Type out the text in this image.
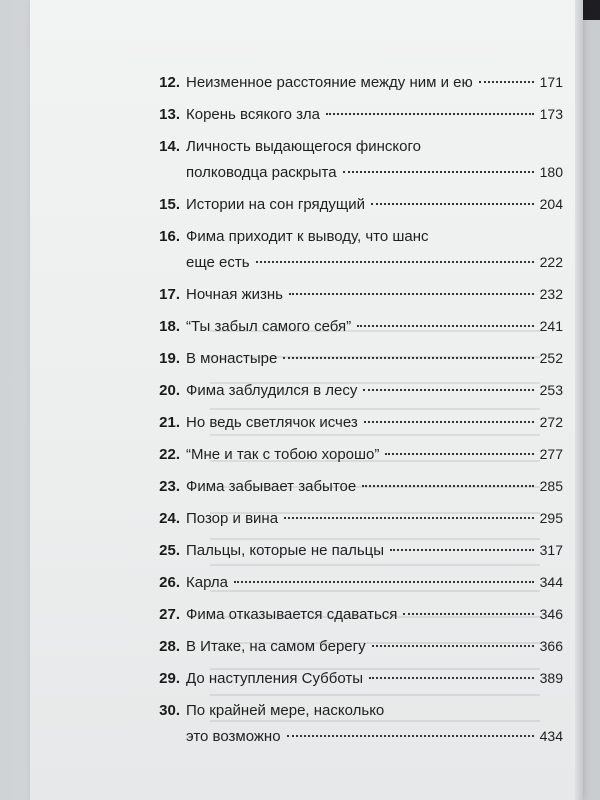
12. Неизменное расстояние между ним и ею	171
13. Корень всякого зла	173
14. Личность выдающегося финского
полководца раскрыта	180
15. Истории на сон грядущий	204
16. Фима приходит к выводу, что шанс
еще есть	222
17. Ночная жизнь	232
18. “Ты забыл самого себя”	241
19. В монастыре	252
20. Фима заблудился в лесу	253
21. Но ведь светлячок исчез	272
22. “Мне и так с тобою хорошо”	277
23. Фима забывает забытое	285
24. Позор и вина	295
25. Пальцы, которые не пальцы	317
26. Карла	344
27. Фима отказывается сдаваться	346
28. В Итаке, на самом берегу	366
29. До наступления Субботы	389
30. По крайней мере, насколько
это возможно	434
